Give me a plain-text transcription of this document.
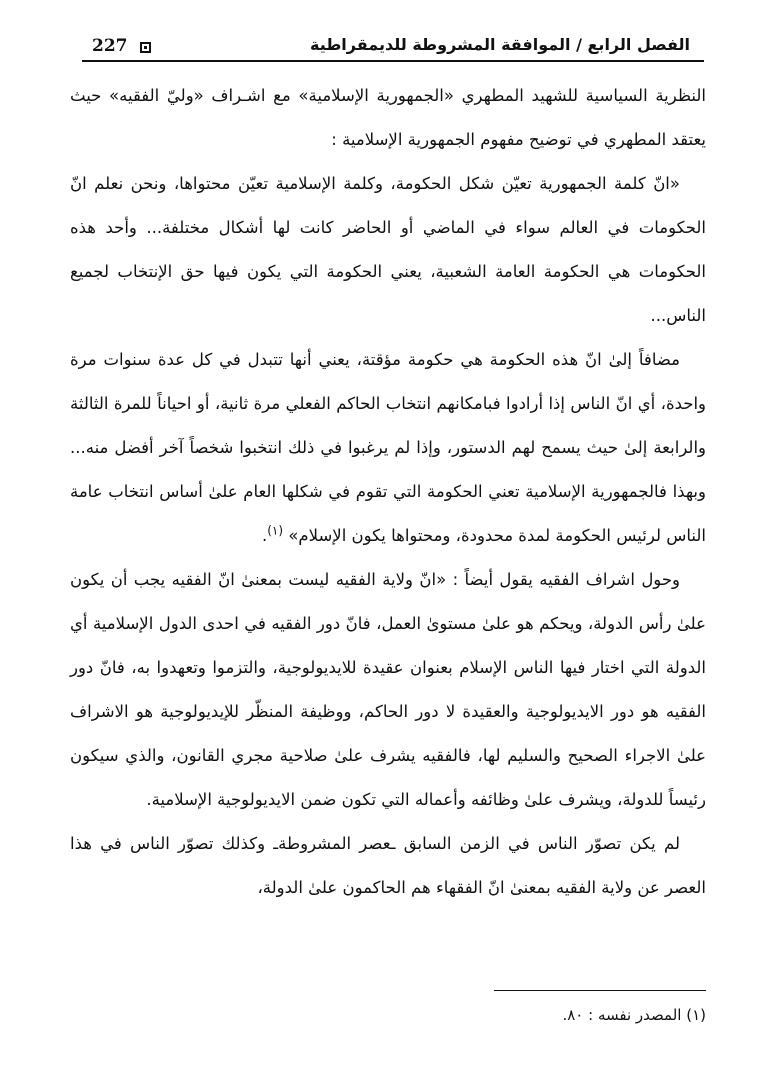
227	الفصل الرابع / الموافقة المشروطة للديمقراطية

النظرية السياسية للشهيد المطهري «الجمهورية الإسلامية» مع اشـراف «وليّ الفقيه» حيث يعتقد المطهري في توضيح مفهوم الجمهورية الإسلامية :

«انّ كلمة الجمهورية تعيّن شكل الحكومة، وكلمة الإسلامية تعيّن محتواها، ونحن نعلم انّ الحكومات في العالم سواء في الماضي أو الحاضر كانت لها أشكال مختلفة... وأحد هذه الحكومات هي الحكومة العامة الشعبية، يعني الحكومة التي يكون فيها حق الإنتخاب لجميع الناس...

مضافاً إلىٰ انّ هذه الحكومة هي حكومة مؤقتة، يعني أنها تتبدل في كل عدة سنوات مرة واحدة، أي انّ الناس إذا أرادوا فبامكانهم انتخاب الحاكم الفعلي مرة ثانية، أو احياناً للمرة الثالثة والرابعة إلىٰ حيث يسمح لهم الدستور، وإذا لم يرغبوا في ذلك انتخبوا شخصاً آخر أفضل منه... وبهذا فالجمهورية الإسلامية تعني الحكومة التي تقوم في شكلها العام علىٰ أساس انتخاب عامة الناس لرئيس الحكومة لمدة محدودة، ومحتواها يكون الإسلام» $^{(١)}$.

وحول اشراف الفقيه يقول أيضاً : «انّ ولاية الفقيه ليست بمعنىٰ انّ الفقيه يجب أن يكون علىٰ رأس الدولة، ويحكم هو علىٰ مستوىٰ العمل، فانّ دور الفقيه في احدى الدول الإسلامية أي الدولة التي اختار فيها الناس الإسلام بعنوان عقيدة للايديولوجية، والتزموا وتعهدوا به، فانّ دور الفقيه هو دور الايديولوجية والعقيدة لا دور الحاكم، ووظيفة المنظّر للإيديولوجية هو الاشراف علىٰ الاجراء الصحيح والسليم لها، فالفقيه يشرف علىٰ صلاحية مجري القانون، والذي سيكون رئيساً للدولة، ويشرف علىٰ وظائفه وأعماله التي تكون ضمن الايديولوجية الإسلامية.

لم يكن تصوّر الناس في الزمن السابق ـعصر المشروطةـ وكذلك تصوّر الناس في هذا العصر عن ولاية الفقيه بمعنىٰ انّ الفقهاء هم الحاكمون علىٰ الدولة،

(١) المصدر نفسه : ٨٠.
